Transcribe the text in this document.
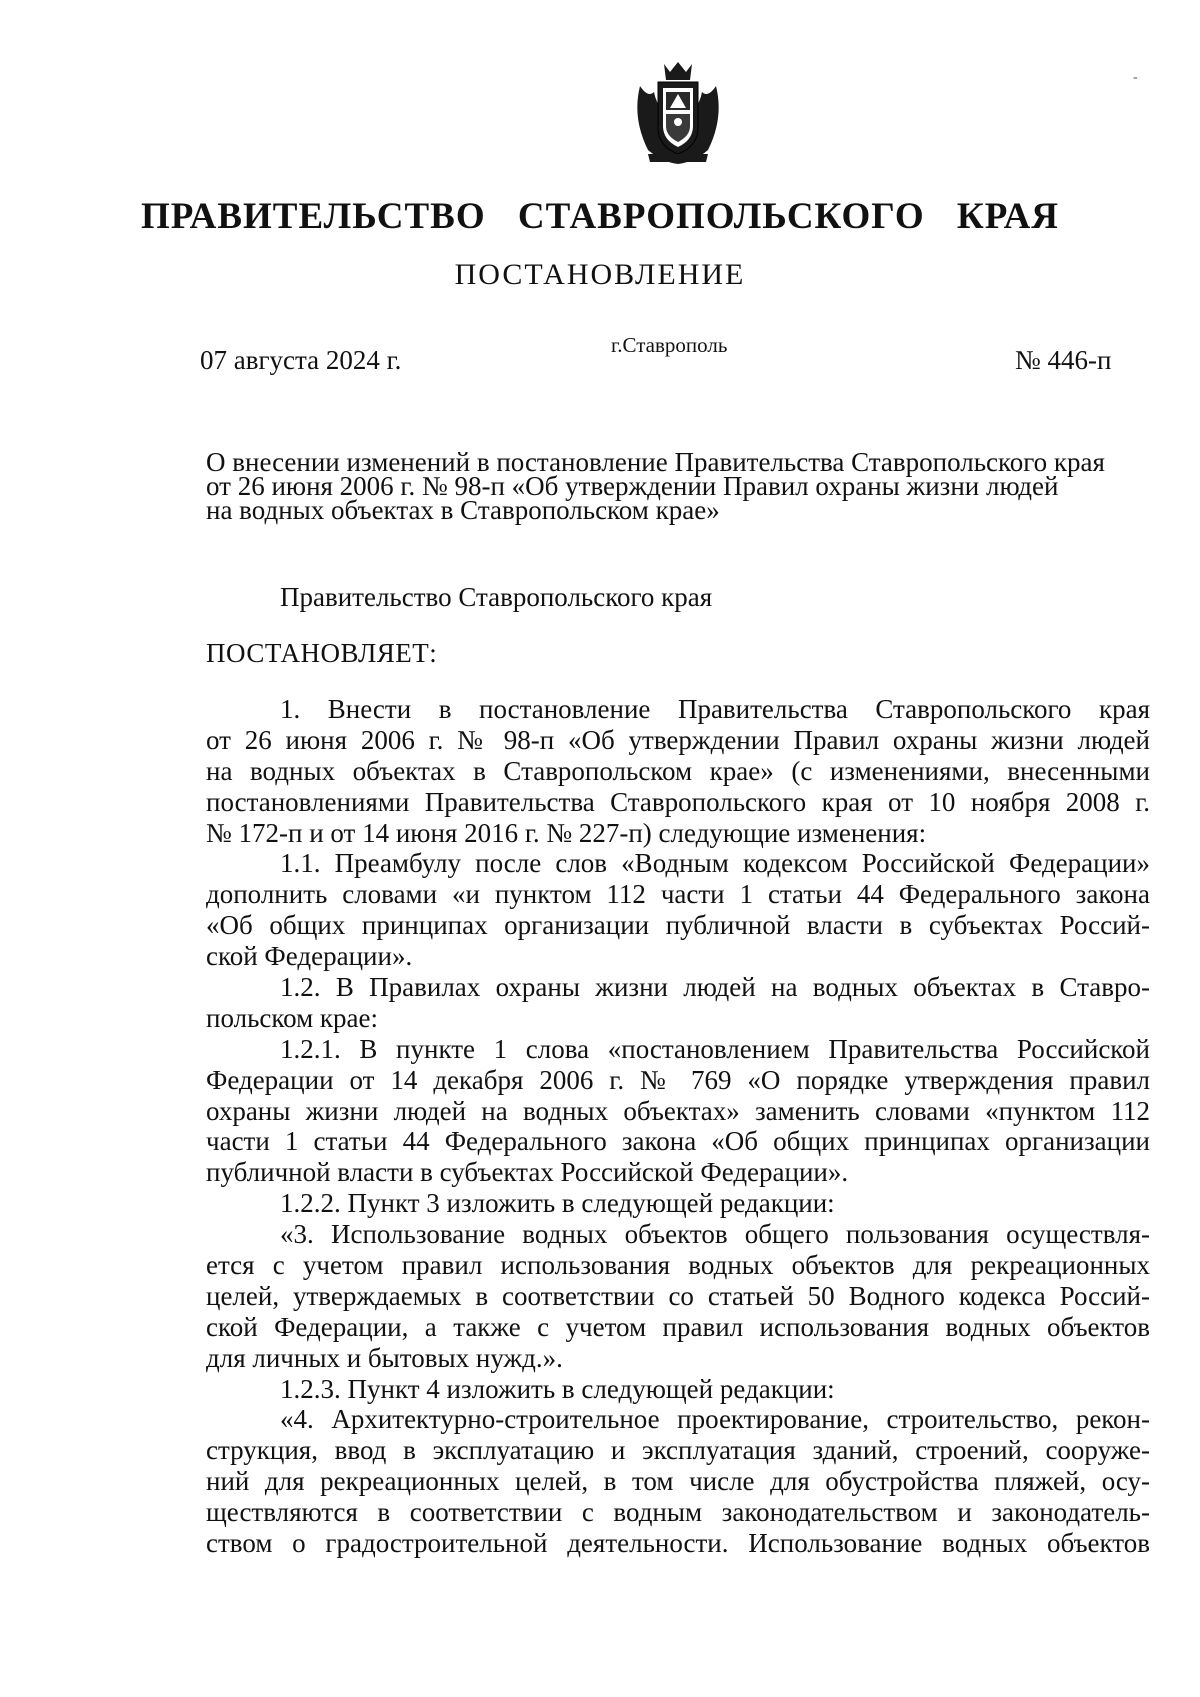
-
ПРАВИТЕЛЬСТВО СТАВРОПОЛЬСКОГО КРАЯ
ПОСТАНОВЛЕНИЕ
07 августа 2024 г.	г.Ставрополь	№ 446-п
О внесении изменений в постановление Правительства Ставропольского края
от 26 июня 2006 г. № 98-п «Об утверждении Правил охраны жизни людей
на водных объектах в Ставропольском крае»
Правительство Ставропольского края
ПОСТАНОВЛЯЕТ:
1. Внести в постановление Правительства Ставропольского края
от 26 июня 2006 г. № 98-п «Об утверждении Правил охраны жизни людей
на водных объектах в Ставропольском крае» (с изменениями, внесенными
постановлениями Правительства Ставропольского края от 10 ноября 2008 г.
№ 172-п и от 14 июня 2016 г. № 227-п) следующие изменения:
1.1. Преамбулу после слов «Водным кодексом Российской Федерации»
дополнить словами «и пунктом 112 части 1 статьи 44 Федерального закона
«Об общих принципах организации публичной власти в субъектах Россий-
ской Федерации».
1.2. В Правилах охраны жизни людей на водных объектах в Ставро-
польском крае:
1.2.1. В пункте 1 слова «постановлением Правительства Российской
Федерации от 14 декабря 2006 г. № 769 «О порядке утверждения правил
охраны жизни людей на водных объектах» заменить словами «пунктом 112
части 1 статьи 44 Федерального закона «Об общих принципах организации
публичной власти в субъектах Российской Федерации».
1.2.2. Пункт 3 изложить в следующей редакции:
«3. Использование водных объектов общего пользования осуществля-
ется с учетом правил использования водных объектов для рекреационных
целей, утверждаемых в соответствии со статьей 50 Водного кодекса Россий-
ской Федерации, а также с учетом правил использования водных объектов
для личных и бытовых нужд.».
1.2.3. Пункт 4 изложить в следующей редакции:
«4. Архитектурно-строительное проектирование, строительство, рекон-
струкция, ввод в эксплуатацию и эксплуатация зданий, строений, сооруже-
ний для рекреационных целей, в том числе для обустройства пляжей, осу-
ществляются в соответствии с водным законодательством и законодатель-
ством о градостроительной деятельности. Использование водных объектов
